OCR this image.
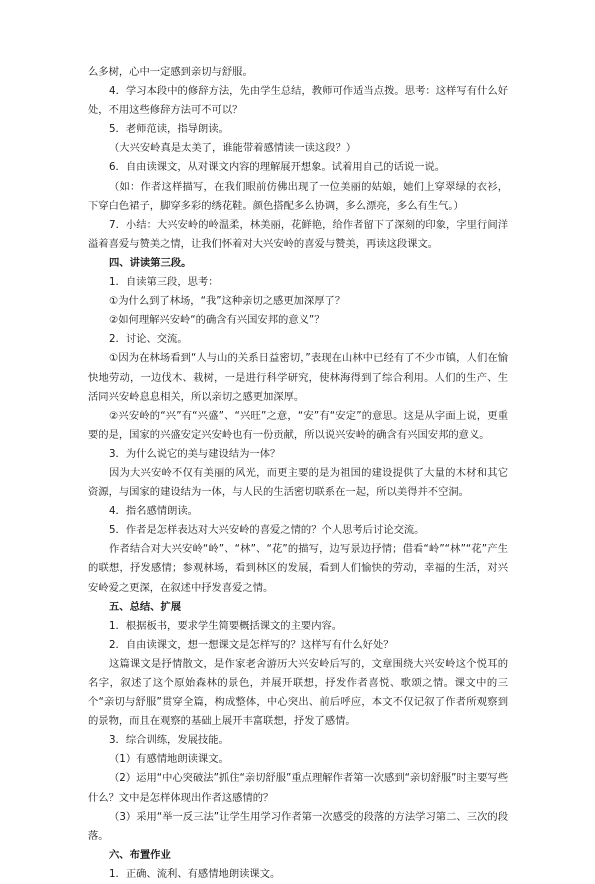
么多树，心中一定感到亲切与舒服。

4．学习本段中的修辞方法，先由学生总结，教师可作适当点拨。思考：这样写有什么好处，不用这些修辞方法可不可以？

5．老师范读，指导朗读。

（大兴安岭真是太美了，谁能带着感情读一读这段？）

6．自由读课文，从对课文内容的理解展开想象。试着用自己的话说一说。

（如：作者这样描写，在我们眼前仿佛出现了一位美丽的姑娘，她们上穿翠绿的衣衫，下穿白色裙子，脚穿多彩的绣花鞋。颜色搭配多么协调，多么漂亮，多么有生气。）

7．小结：大兴安岭的岭温柔，林美丽，花鲜艳，给作者留下了深刻的印象，字里行间洋溢着喜爱与赞美之情，让我们怀着对大兴安岭的喜爱与赞美，再读这段课文。

四、讲读第三段。

1．自读第三段，思考：

①为什么到了林场，“我”这种亲切之感更加深厚了？

②如何理解兴安岭“的确含有兴国安邦的意义”？

2．讨论、交流。

①因为在林场看到“人与山的关系日益密切，”表现在山林中已经有了不少市镇，人们在愉快地劳动，一边伐木、栽树，一是进行科学研究，使林海得到了综合利用。人们的生产、生活同兴安岭息息相关，所以亲切之感更加深厚。

②兴安岭的“兴”有“兴盛”、“兴旺”之意，“安”有“安定”的意思。这是从字面上说，更重要的是，国家的兴盛安定兴安岭也有一份贡献，所以说兴安岭的确含有兴国安邦的意义。

3．为什么说它的美与建设结为一体？

因为大兴安岭不仅有美丽的风光，而更主要的是为祖国的建设提供了大量的木材和其它资源，与国家的建设结为一体，与人民的生活密切联系在一起，所以美得并不空洞。

4．指名感情朗读。

5．作者是怎样表达对大兴安岭的喜爱之情的？个人思考后讨论交流。

作者结合对大兴安岭“岭”、“林”、“花”的描写，边写景边抒情；借看“岭”“林”“花”产生的联想，抒发感情；参观林场，看到林区的发展，看到人们愉快的劳动，幸福的生活，对兴安岭爱之更深，在叙述中抒发喜爱之情。

五、总结、扩展

1．根据板书，要求学生简要概括课文的主要内容。

2．自由读课文，想一想课文是怎样写的？这样写有什么好处？

这篇课文是抒情散文，是作家老舍游历大兴安岭后写的，文章围绕大兴安岭这个悦耳的名字，叙述了这个原始森林的景色，并展开联想，抒发作者喜悦、歌颂之情。课文中的三个“亲切与舒服”贯穿全篇，构成整体，中心突出、前后呼应，本文不仅记叙了作者所观察到的景物，而且在观察的基础上展开丰富联想，抒发了感情。

3．综合训练，发展技能。

（1）有感情地朗读课文。

（2）运用“中心突破法”抓住“亲切舒服”重点理解作者第一次感到“亲切舒服”时主要写些什么？文中是怎样体现出作者这感情的？

（3）采用“举一反三法”让学生用学习作者第一次感受的段落的方法学习第二、三次的段落。

六、布置作业

1．正确、流利、有感情地朗读课文。
